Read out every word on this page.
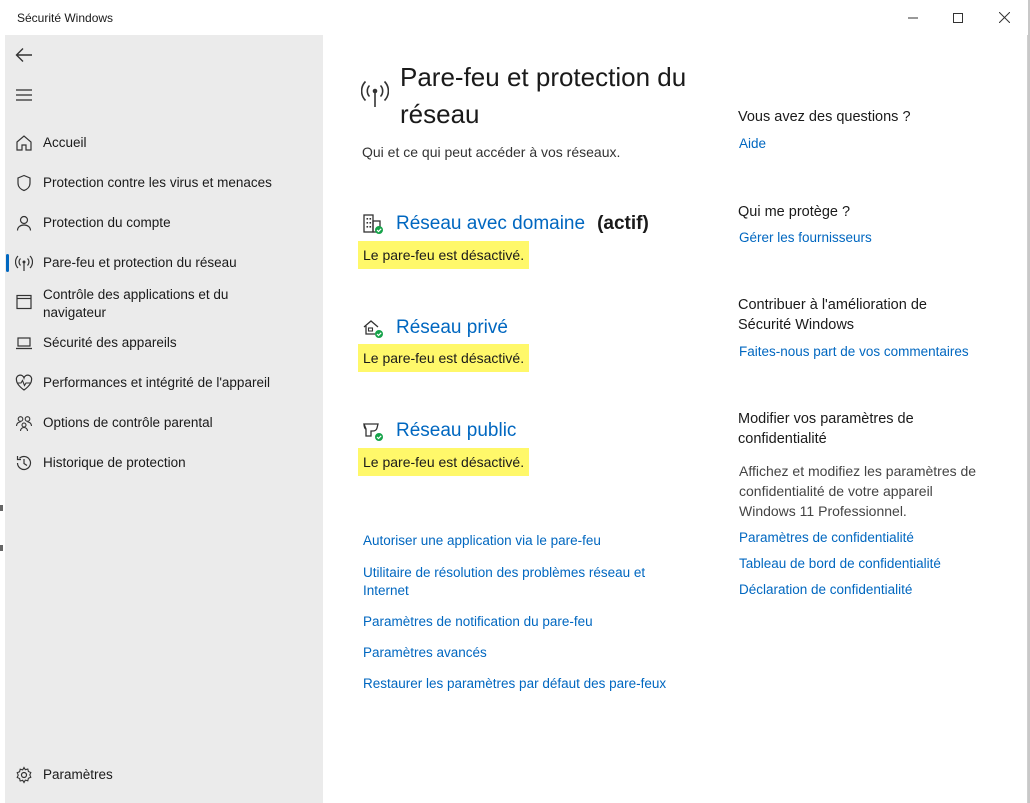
Sécurité Windows
Accueil
Protection contre les virus et menaces
Protection du compte
Pare-feu et protection du réseau
Contrôle des applications et du navigateur
Sécurité des appareils
Performances et intégrité de l'appareil
Options de contrôle parental
Historique de protection
Paramètres
Pare-feu et protection du réseau

Qui et ce qui peut accéder à vos réseaux.

Réseau avec domaine (actif)
Le pare-feu est désactivé.
Réseau privé
Le pare-feu est désactivé.
Réseau public
Le pare-feu est désactivé.
Autoriser une application via le pare-feu
Utilitaire de résolution des problèmes réseau et Internet
Paramètres de notification du pare-feu
Paramètres avancés
Restaurer les paramètres par défaut des pare-feux
Vous avez des questions ?
Aide
Qui me protège ?
Gérer les fournisseurs
Contribuer à l'amélioration de Sécurité Windows
Faites-nous part de vos commentaires
Modifier vos paramètres de confidentialité
Affichez et modifiez les paramètres de confidentialité de votre appareil Windows 11 Professionnel.
Paramètres de confidentialité
Tableau de bord de confidentialité
Déclaration de confidentialité
